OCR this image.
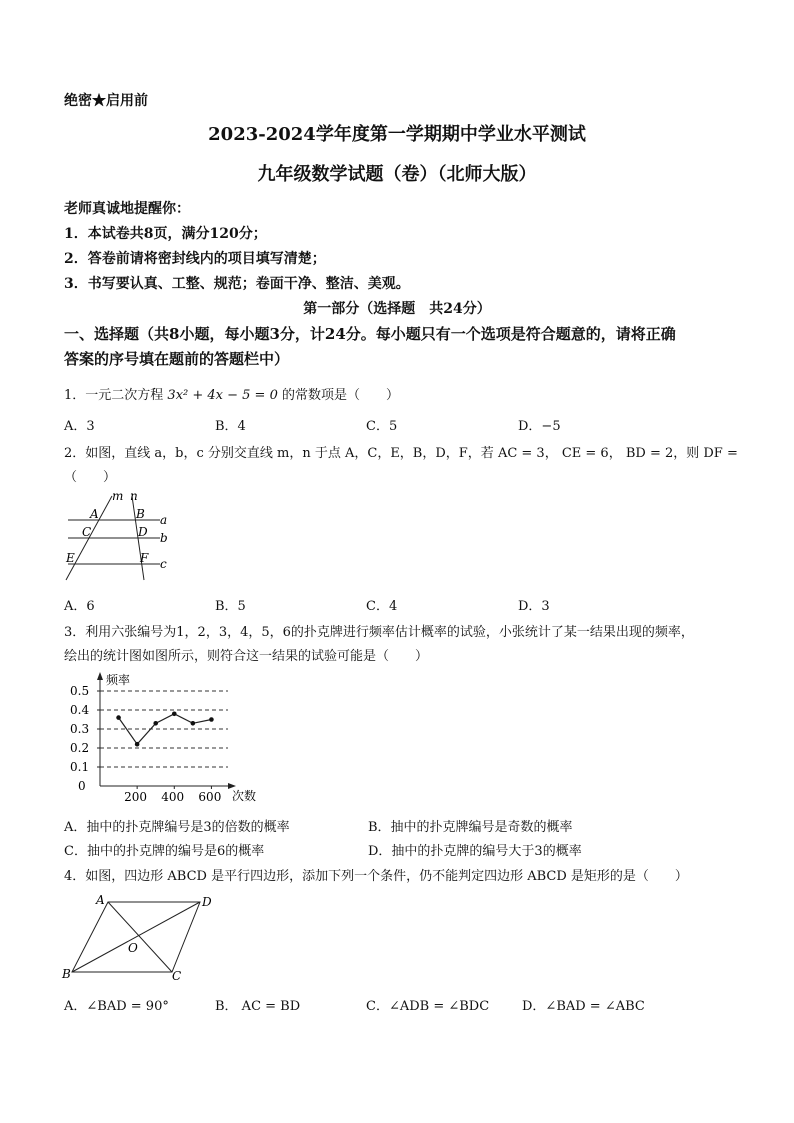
绝密★启用前
2023-2024学年度第一学期期中学业水平测试
九年级数学试题（卷）（北师大版）
老师真诚地提醒你：
1．本试卷共8页，满分120分；
2．答卷前请将密封线内的项目填写清楚；
3．书写要认真、工整、规范；卷面干净、整洁、美观。
第一部分（选择题　共24分）
一、选择题（共8小题，每小题3分，计24分。每小题只有一个选项是符合题意的，请将正确
答案的序号填在题前的答题栏中）
1．一元二次方程 3x² + 4x − 5 = 0 的常数项是（　　）
A．3	B．4	C．5	D．−5
2．如图，直线 a，b，c 分别交直线 m，n 于点 A，C，E，B，D，F，若 AC = 3， CE = 6， BD = 2，则 DF =
（　　）
m n
A	B
C	D
E	F
a
b
c
A．6	B．5	C．4	D．3
3．利用六张编号为1，2，3，4，5，6的扑克牌进行频率估计概率的试验，小张统计了某一结果出现的频率，
绘出的统计图如图所示，则符合这一结果的试验可能是（　　）
频率
次数
0
0.5
0.4
0.3
0.2
0.1
200 400 600
A．抽中的扑克牌编号是3的倍数的概率	B．抽中的扑克牌编号是奇数的概率
C．抽中的扑克牌的编号是6的概率	D．抽中的扑克牌的编号大于3的概率
4．如图，四边形 ABCD 是平行四边形，添加下列一个条件，仍不能判定四边形 ABCD 是矩形的是（　　）
A	D
B	C
O
A．∠BAD = 90°	B． AC = BD	C．∠ADB = ∠BDC	D．∠BAD = ∠ABC
